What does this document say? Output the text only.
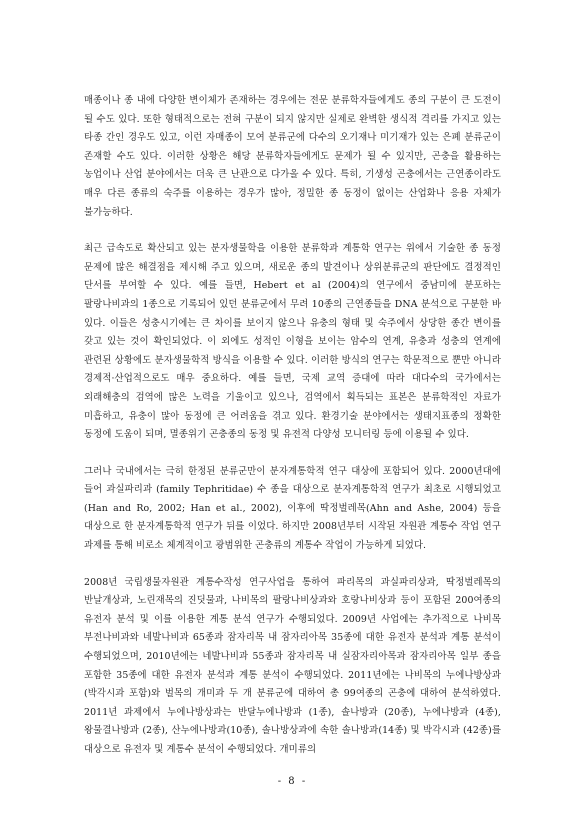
매종이나 종 내에 다양한 변이체가 존재하는 경우에는 전문 분류학자들에게도 종의 구분이 큰 도전이 될 수도 있다. 또한 형태적으로는 전혀 구분이 되지 않지만 실제로 완벽한 생식적 격리를 가지고 있는 타종 간인 경우도 있고, 이런 자매종이 모여 분류군에 다수의 오기재나 미기재가 있는 은폐 분류군이 존재할 수도 있다. 이러한 상황은 해당 분류학자들에게도 문제가 될 수 있지만, 곤충을 활용하는 농업이나 산업 분야에서는 더욱 큰 난관으로 다가올 수 있다. 특히, 기생성 곤충에서는 근연종이라도 매우 다른 종류의 숙주를 이용하는 경우가 많아, 정밀한 종 동정이 없이는 산업화나 응용 자체가 불가능하다.

최근 급속도로 확산되고 있는 분자생물학을 이용한 분류학과 계통학 연구는 위에서 기술한 종 동정 문제에 많은 해결점을 제시해 주고 있으며, 새로운 종의 발견이나 상위분류군의 판단에도 결정적인 단서를 부여할 수 있다. 예를 들면, Hebert et al (2004)의 연구에서 중남미에 분포하는 팔랑나비과의 1종으로 기록되어 있던 분류군에서 무려 10종의 근연종들을 DNA 분석으로 구분한 바 있다. 이들은 성충시기에는 큰 차이를 보이지 않으나 유충의 형태 및 숙주에서 상당한 종간 변이를 갖고 있는 것이 확인되었다. 이 외에도 성적인 이형을 보이는 암수의 연계, 유충과 성충의 연계에 관련된 상황에도 분자생물학적 방식을 이용할 수 있다. 이러한 방식의 연구는 학문적으로 뿐만 아니라 경제적·산업적으로도 매우 중요하다. 예를 들면, 국제 교역 증대에 따라 대다수의 국가에서는 외래해충의 검역에 많은 노력을 기울이고 있으나, 검역에서 획득되는 표본은 분류학적인 자료가 미흡하고, 유충이 많아 동정에 큰 어려움을 겪고 있다. 환경기술 분야에서는 생태지표종의 정확한 동정에 도움이 되며, 멸종위기 곤충종의 동정 및 유전적 다양성 모니터링 등에 이용될 수 있다.

그러나 국내에서는 극히 한정된 분류군만이 분자계통학적 연구 대상에 포함되어 있다. 2000년대에 들어 과실파리과 (family Tephritidae) 수 종을 대상으로 분자계통학적 연구가 최초로 시행되었고 (Han and Ro, 2002; Han et al., 2002), 이후에 딱정벌레목(Ahn and Ashe, 2004) 등을 대상으로 한 분자계통학적 연구가 뒤를 이었다. 하지만 2008년부터 시작된 자원관 계통수 작업 연구 과제를 통해 비로소 체계적이고 광범위한 곤충류의 계통수 작업이 가능하게 되었다.

2008년 국립생물자원관 계통수작성 연구사업을 통하여 파리목의 과실파리상과, 딱정벌레목의 반날개상과, 노린재목의 진딧물과, 나비목의 팔랑나비상과와 호랑나비상과 등이 포함된 200여종의 유전자 분석 및 이를 이용한 계통 분석 연구가 수행되었다. 2009년 사업에는 추가적으로 나비목 부전나비과와 네발나비과 65종과 잠자리목 내 잠자리아목 35종에 대한 유전자 분석과 계통 분석이 수행되었으며, 2010년에는 네발나비과 55종과 잠자리목 내 실잠자리아목과 잠자리아목 일부 종을 포함한 35종에 대한 유전자 분석과 계통 분석이 수행되었다. 2011년에는 나비목의 누에나방상과 (박각시과 포함)와 벌목의 개미과 두 개 분류군에 대하여 총 99여종의 곤충에 대하여 분석하였다. 2011년 과제에서 누에나방상과는 반달누에나방과 (1종), 솔나방과 (20종), 누에나방과 (4종), 왕물결나방과 (2종), 산누에나방과(10종), 솔나방상과에 속한 솔나방과(14종) 및 박각시과 (42종)를 대상으로 유전자 및 계통수 분석이 수행되었다. 개미류의

- 8 -
